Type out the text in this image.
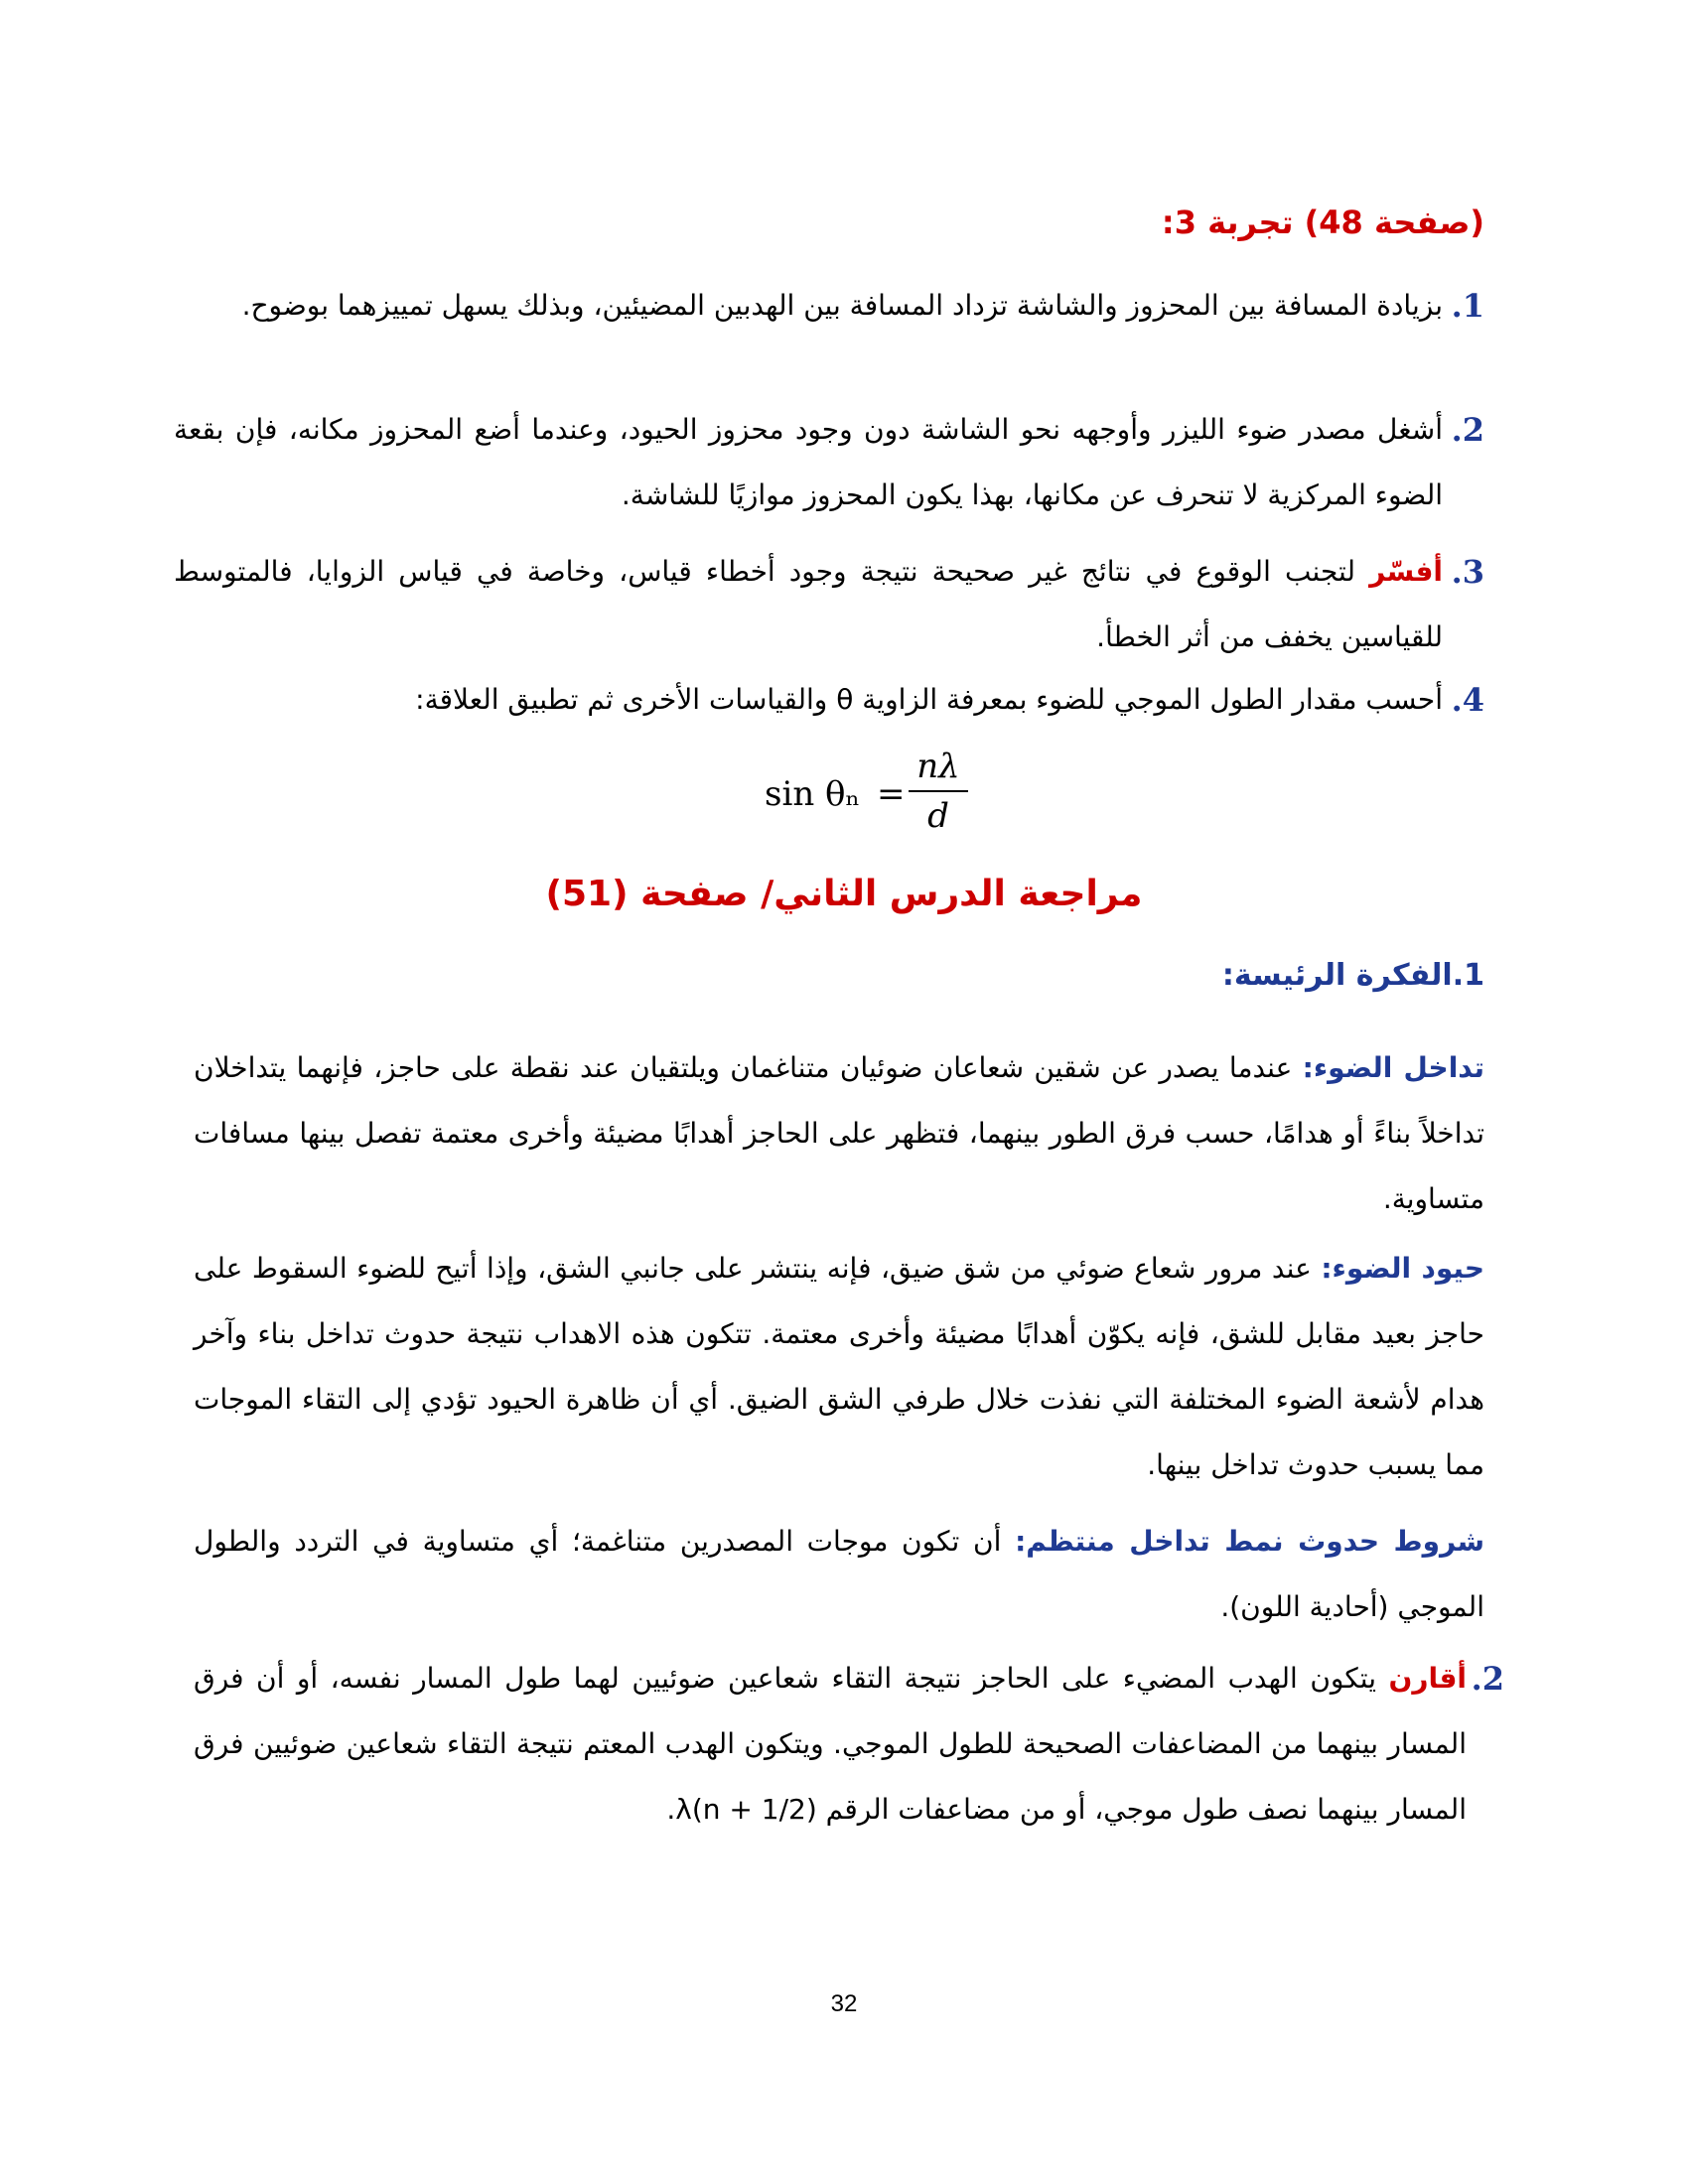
(صفحة 48) تجربة 3:
1.
بزيادة المسافة بين المحزوز والشاشة تزداد المسافة بين الهدبين المضيئين، وبذلك يسهل تمييزهما بوضوح.
2.
أشغل مصدر ضوء الليزر وأوجهه نحو الشاشة دون وجود محزوز الحيود، وعندما أضع المحزوز مكانه، فإن بقعة الضوء المركزية لا تنحرف عن مكانها، بهذا يكون المحزوز موازيًا للشاشة.
3.
أفسّر لتجنب الوقوع في نتائج غير صحيحة نتيجة وجود أخطاء قياس، وخاصة في قياس الزوايا، فالمتوسط للقياسين يخفف من أثر الخطأ.
4.
أحسب مقدار الطول الموجي للضوء بمعرفة الزاوية θ والقياسات الأخرى ثم تطبيق العلاقة:
sin θₙ =
nλ
d
مراجعة الدرس الثاني/ صفحة (51)
1.الفكرة الرئيسة:
تداخل الضوء: عندما يصدر عن شقين شعاعان ضوئيان متناغمان ويلتقيان عند نقطة على حاجز، فإنهما يتداخلان تداخلاً بناءً أو هدامًا، حسب فرق الطور بينهما، فتظهر على الحاجز أهدابًا مضيئة وأخرى معتمة تفصل بينها مسافات متساوية.
حيود الضوء: عند مرور شعاع ضوئي من شق ضيق، فإنه ينتشر على جانبي الشق، وإذا أتيح للضوء السقوط على حاجز بعيد مقابل للشق، فإنه يكوّن أهدابًا مضيئة وأخرى معتمة. تتكون هذه الاهداب نتيجة حدوث تداخل بناء وآخر هدام لأشعة الضوء المختلفة التي نفذت خلال طرفي الشق الضيق. أي أن ظاهرة الحيود تؤدي إلى التقاء الموجات مما يسبب حدوث تداخل بينها.
شروط حدوث نمط تداخل منتظم: أن تكون موجات المصدرين متناغمة؛ أي متساوية في التردد والطول الموجي (أحادية اللون).
2.
أقارن يتكون الهدب المضيء على الحاجز نتيجة التقاء شعاعين ضوئيين لهما طول المسار نفسه، أو أن فرق المسار بينهما من المضاعفات الصحيحة للطول الموجي. ويتكون الهدب المعتم نتيجة التقاء شعاعين ضوئيين فرق المسار بينهما نصف طول موجي، أو من مضاعفات الرقم λ(n + 1/2).
32
